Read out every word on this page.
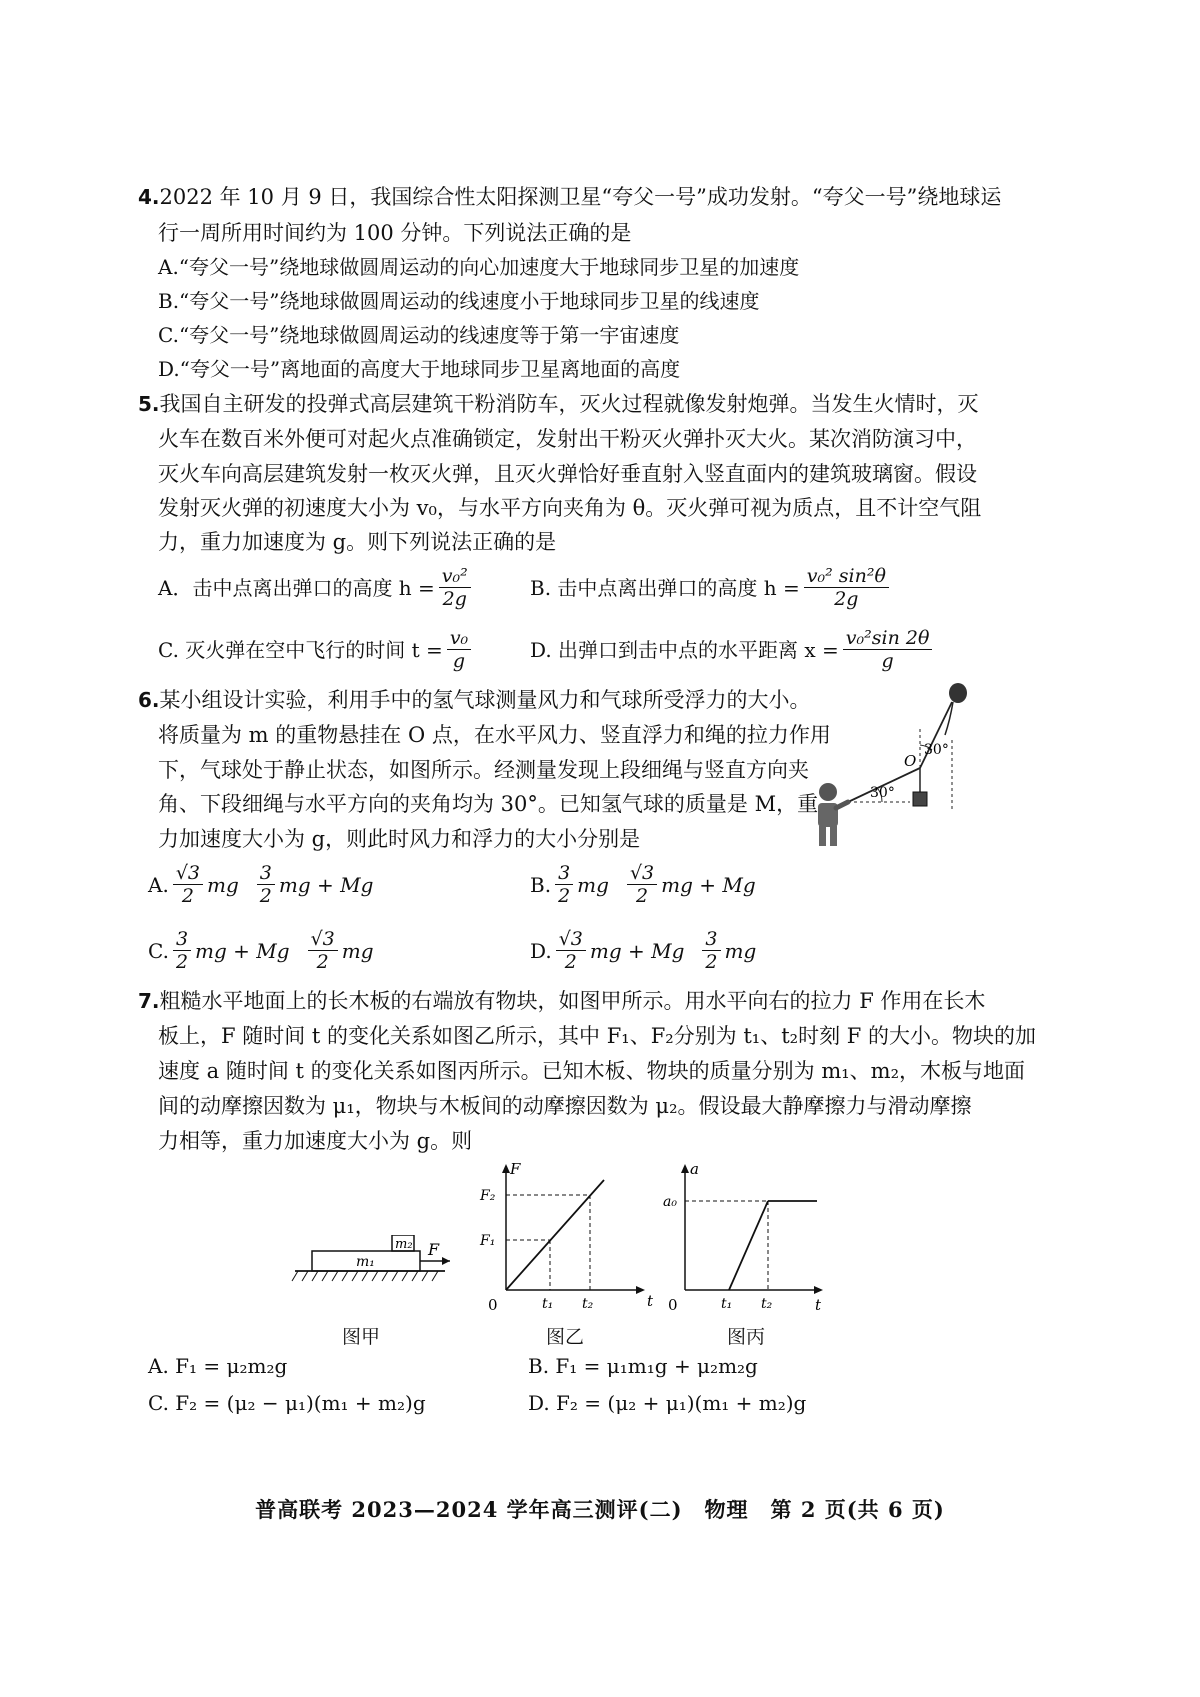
4.2022 年 10 月 9 日，我国综合性太阳探测卫星“夸父一号”成功发射。“夸父一号”绕地球运
行一周所用时间约为 100 分钟。下列说法正确的是
A.“夸父一号”绕地球做圆周运动的向心加速度大于地球同步卫星的加速度
B.“夸父一号”绕地球做圆周运动的线速度小于地球同步卫星的线速度
C.“夸父一号”绕地球做圆周运动的线速度等于第一宇宙速度
D.“夸父一号”离地面的高度大于地球同步卫星离地面的高度
5.我国自主研发的投弹式高层建筑干粉消防车，灭火过程就像发射炮弹。当发生火情时，灭
火车在数百米外便可对起火点准确锁定，发射出干粉灭火弹扑灭大火。某次消防演习中，
灭火车向高层建筑发射一枚灭火弹，且灭火弹恰好垂直射入竖直面内的建筑玻璃窗。假设
发射灭火弹的初速度大小为 v₀，与水平方向夹角为 θ。灭火弹可视为质点，且不计空气阻
力，重力加速度为 g。则下列说法正确的是
A．击中点离出弹口的高度 $h = \frac{\text{v₀²}}{2g}$	B. 击中点离出弹口的高度 $h = \frac{\text{v₀² sin²θ}}{2g}$
C. 灭火弹在空中飞行的时间 $t = \frac{\text{v₀}}{g}$	D. 出弹口到击中点的水平距离 $x = \frac{\text{v₀²sin 2θ}}{g}$
6.某小组设计实验，利用手中的氢气球测量风力和气球所受浮力的大小。
将质量为 m 的重物悬挂在 O 点，在水平风力、竖直浮力和绳的拉力作用
下，气球处于静止状态，如图所示。经测量发现上段细绳与竖直方向夹
角、下段细绳与水平方向的夹角均为 30°。已知氢气球的质量是 M，重
力加速度大小为 g，则此时风力和浮力的大小分别是
O
30°
30°
A. $\frac{√3}{2}$ mg $\frac{3}{2}$ mg + Mg	B. $\frac{3}{2}$ mg $\frac{√3}{2}$ mg + Mg
C. $\frac{3}{2}$ mg + Mg $\frac{√3}{2}$ mg	D. $\frac{√3}{2}$ mg + Mg $\frac{3}{2}$ mg
7.粗糙水平地面上的长木板的右端放有物块，如图甲所示。用水平向右的拉力 F 作用在长木
板上，F 随时间 t 的变化关系如图乙所示，其中 F₁、F₂分别为 t₁、t₂时刻 F 的大小。物块的加
速度 a 随时间 t 的变化关系如图丙所示。已知木板、物块的质量分别为 m₁、m₂，木板与地面
间的动摩擦因数为 μ₁，物块与木板间的动摩擦因数为 μ₂。假设最大静摩擦力与滑动摩擦
力相等，重力加速度大小为 g。则
m₁
m₂ F
图甲
F
t
0
F₂
F₁
t₁ t₂
图乙
a
t
0
a₀
t₁ t₂
图丙
A. F₁ = μ₂m₂g	B. F₁ = μ₁m₁g + μ₂m₂g
C. F₂ = (μ₂ − μ₁)(m₁ + m₂)g	D. F₂ = (μ₂ + μ₁)(m₁ + m₂)g
普高联考 2023—2024 学年高三测评(二)　物理　第 2 页(共 6 页)
